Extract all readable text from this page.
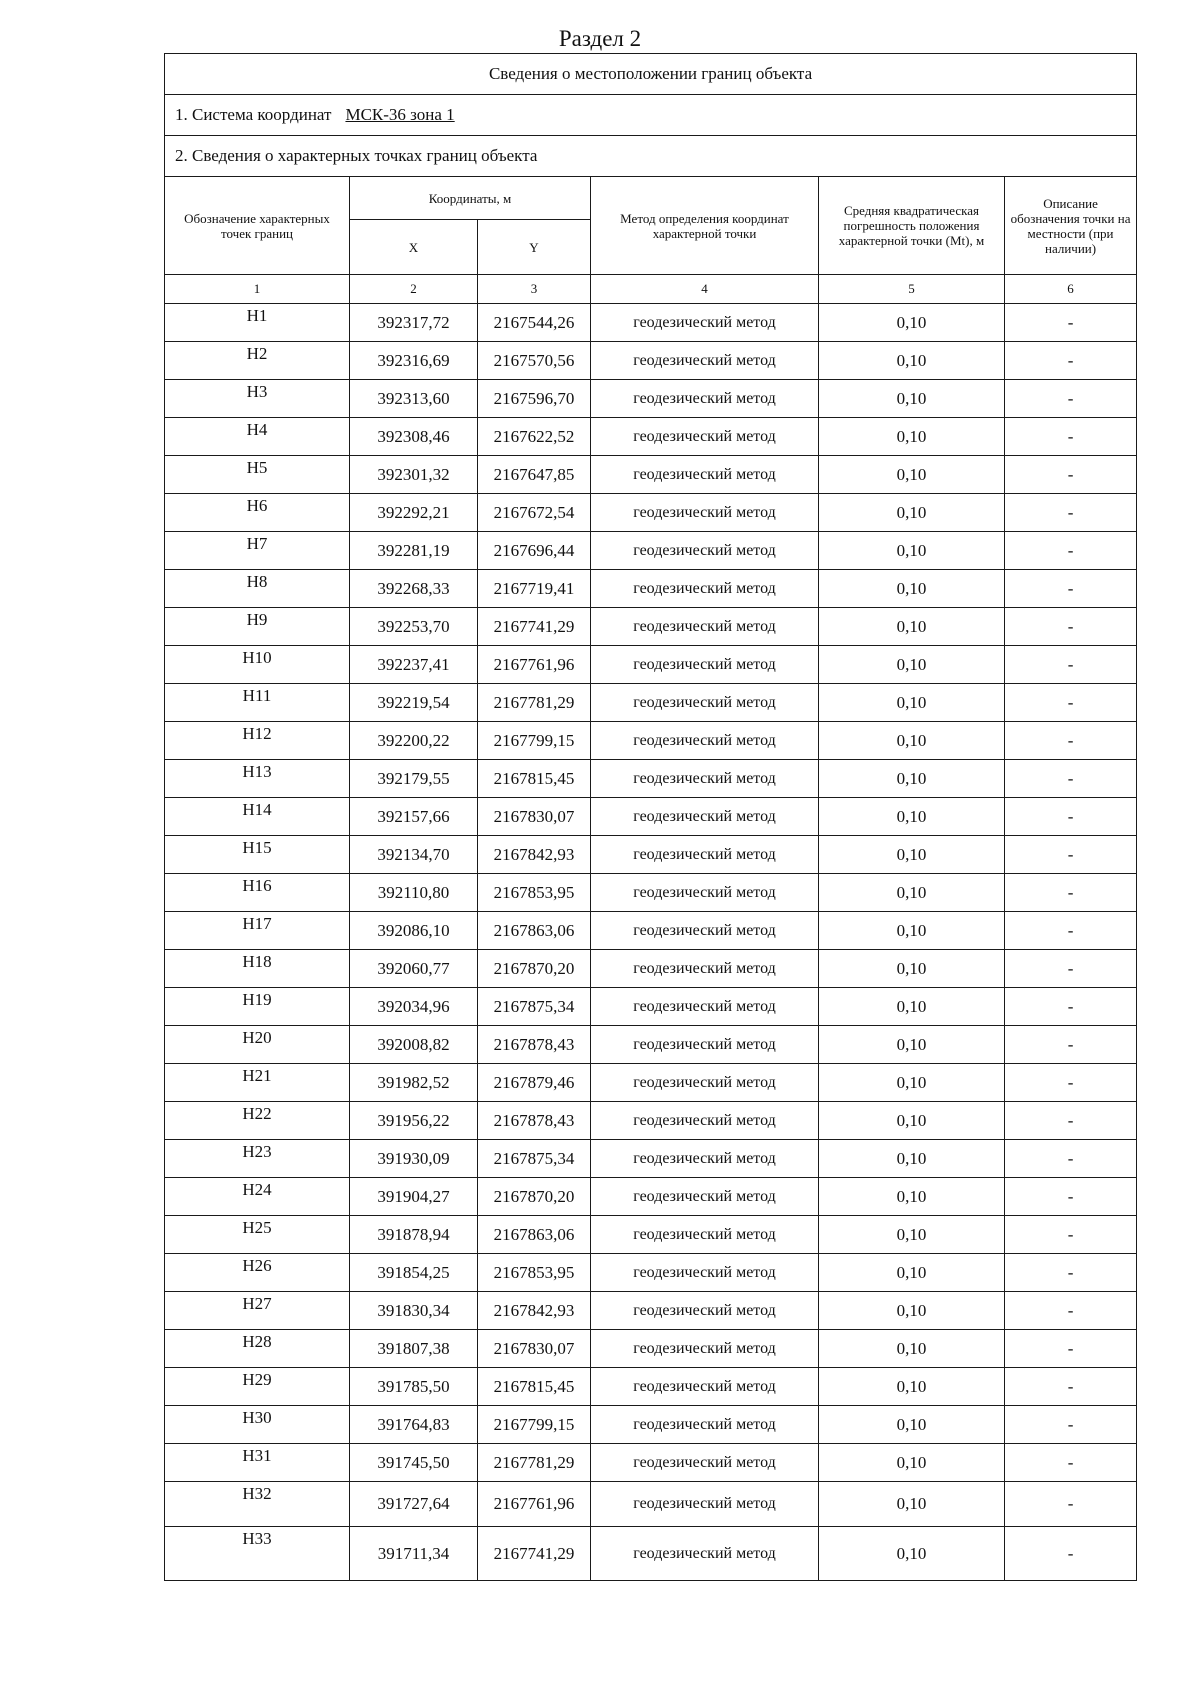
Раздел 2
Сведения о местоположении границ объекта					
1. Система координат МСК-36 зона 1					
2. Сведения о характерных точках границ объекта					
Обозначение характерных точек границ	Координаты, м		Метод определения координат характерной точки	Средняя квадратическая погрешность положения характерной точки (Mt), м	Описание обозначения точки на местности (при наличии)
	X	Y			
1	2	3	4	5	6
Н1	392317,72	2167544,26	геодезический метод	0,10	-
Н2	392316,69	2167570,56	геодезический метод	0,10	-
Н3	392313,60	2167596,70	геодезический метод	0,10	-
Н4	392308,46	2167622,52	геодезический метод	0,10	-
Н5	392301,32	2167647,85	геодезический метод	0,10	-
Н6	392292,21	2167672,54	геодезический метод	0,10	-
Н7	392281,19	2167696,44	геодезический метод	0,10	-
Н8	392268,33	2167719,41	геодезический метод	0,10	-
Н9	392253,70	2167741,29	геодезический метод	0,10	-
Н10	392237,41	2167761,96	геодезический метод	0,10	-
Н11	392219,54	2167781,29	геодезический метод	0,10	-
Н12	392200,22	2167799,15	геодезический метод	0,10	-
Н13	392179,55	2167815,45	геодезический метод	0,10	-
Н14	392157,66	2167830,07	геодезический метод	0,10	-
Н15	392134,70	2167842,93	геодезический метод	0,10	-
Н16	392110,80	2167853,95	геодезический метод	0,10	-
Н17	392086,10	2167863,06	геодезический метод	0,10	-
Н18	392060,77	2167870,20	геодезический метод	0,10	-
Н19	392034,96	2167875,34	геодезический метод	0,10	-
Н20	392008,82	2167878,43	геодезический метод	0,10	-
Н21	391982,52	2167879,46	геодезический метод	0,10	-
Н22	391956,22	2167878,43	геодезический метод	0,10	-
Н23	391930,09	2167875,34	геодезический метод	0,10	-
Н24	391904,27	2167870,20	геодезический метод	0,10	-
Н25	391878,94	2167863,06	геодезический метод	0,10	-
Н26	391854,25	2167853,95	геодезический метод	0,10	-
Н27	391830,34	2167842,93	геодезический метод	0,10	-
Н28	391807,38	2167830,07	геодезический метод	0,10	-
Н29	391785,50	2167815,45	геодезический метод	0,10	-
Н30	391764,83	2167799,15	геодезический метод	0,10	-
Н31	391745,50	2167781,29	геодезический метод	0,10	-
Н32	391727,64	2167761,96	геодезический метод	0,10	-
Н33	391711,34	2167741,29	геодезический метод	0,10	-
